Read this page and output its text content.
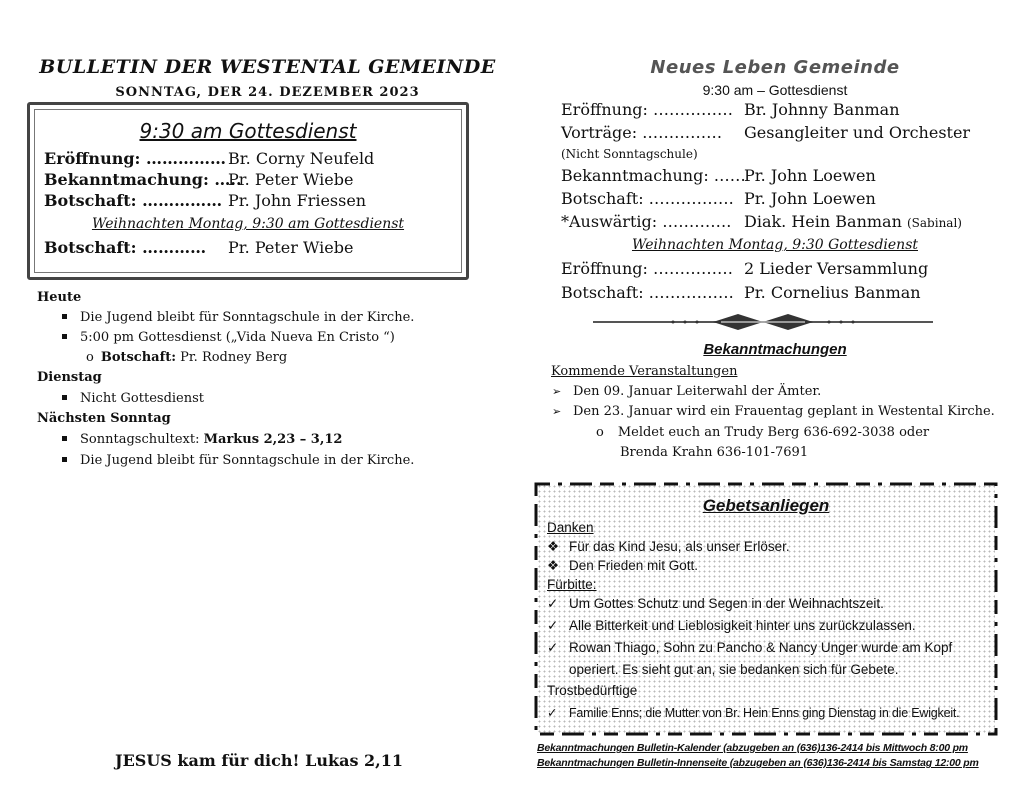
BULLETIN DER WESTENTAL GEMEINDE
SONNTAG, DER 24. DEZEMBER 2023
9:30 am Gottesdienst
Eröffnung: …………… Br. Corny Neufeld
Bekanntmachung: …..Pr. Peter Wiebe
Botschaft: …………… Pr. John Friessen
Weihnachten Montag, 9:30 am Gottesdienst
Botschaft: ………… Pr. Peter Wiebe
Heute
Die Jugend bleibt für Sonntagschule in der Kirche.
5:00 pm Gottesdienst („Vida Nueva En Cristo “)
o Botschaft: Pr. Rodney Berg
Dienstag
Nicht Gottesdienst
Nächsten Sonntag
Sonntagschultext: Markus 2,23 – 3,12
Die Jugend bleibt für Sonntagschule in der Kirche.
JESUS kam für dich! Lukas 2,11
Neues Leben Gemeinde
9:30 am – Gottesdienst
Eröffnung: …………… Br. Johnny Banman
Vorträge: …………… Gesangleiter und Orchester
(Nicht Sonntagschule)
Bekanntmachung: ……Pr. John Loewen
Botschaft: ……………. Pr. John Loewen
*Auswärtig: …………. Diak. Hein Banman (Sabinal)
Weihnachten Montag, 9:30 Gottesdienst
Eröffnung: …………… 2 Lieder Versammlung
Botschaft: ……………. Pr. Cornelius Banman
Bekanntmachungen
Kommende Veranstaltungen
➢ Den 09. Januar Leiterwahl der Ämter.
➢ Den 23. Januar wird ein Frauentag geplant in Westental Kirche.
o Meldet euch an Trudy Berg 636-692-3038 oder
Brenda Krahn 636-101-7691
Gebetsanliegen
Danken
❖ Für das Kind Jesu, als unser Erlöser.
❖ Den Frieden mit Gott.
Fürbitte:
✓ Um Gottes Schutz und Segen in der Weihnachtszeit.
✓ Alle Bitterkeit und Lieblosigkeit hinter uns zurückzulassen.
✓ Rowan Thiago, Sohn zu Pancho & Nancy Unger wurde am Kopf
operiert. Es sieht gut an, sie bedanken sich für Gebete.
Trostbedürftige
✓ Familie Enns; die Mutter von Br. Hein Enns ging Dienstag in die Ewigkeit.
Bekanntmachungen Bulletin-Kalender (abzugeben an (636)136-2414 bis Mittwoch 8:00 pm
Bekanntmachungen Bulletin-Innenseite (abzugeben an (636)136-2414 bis Samstag 12:00 pm
